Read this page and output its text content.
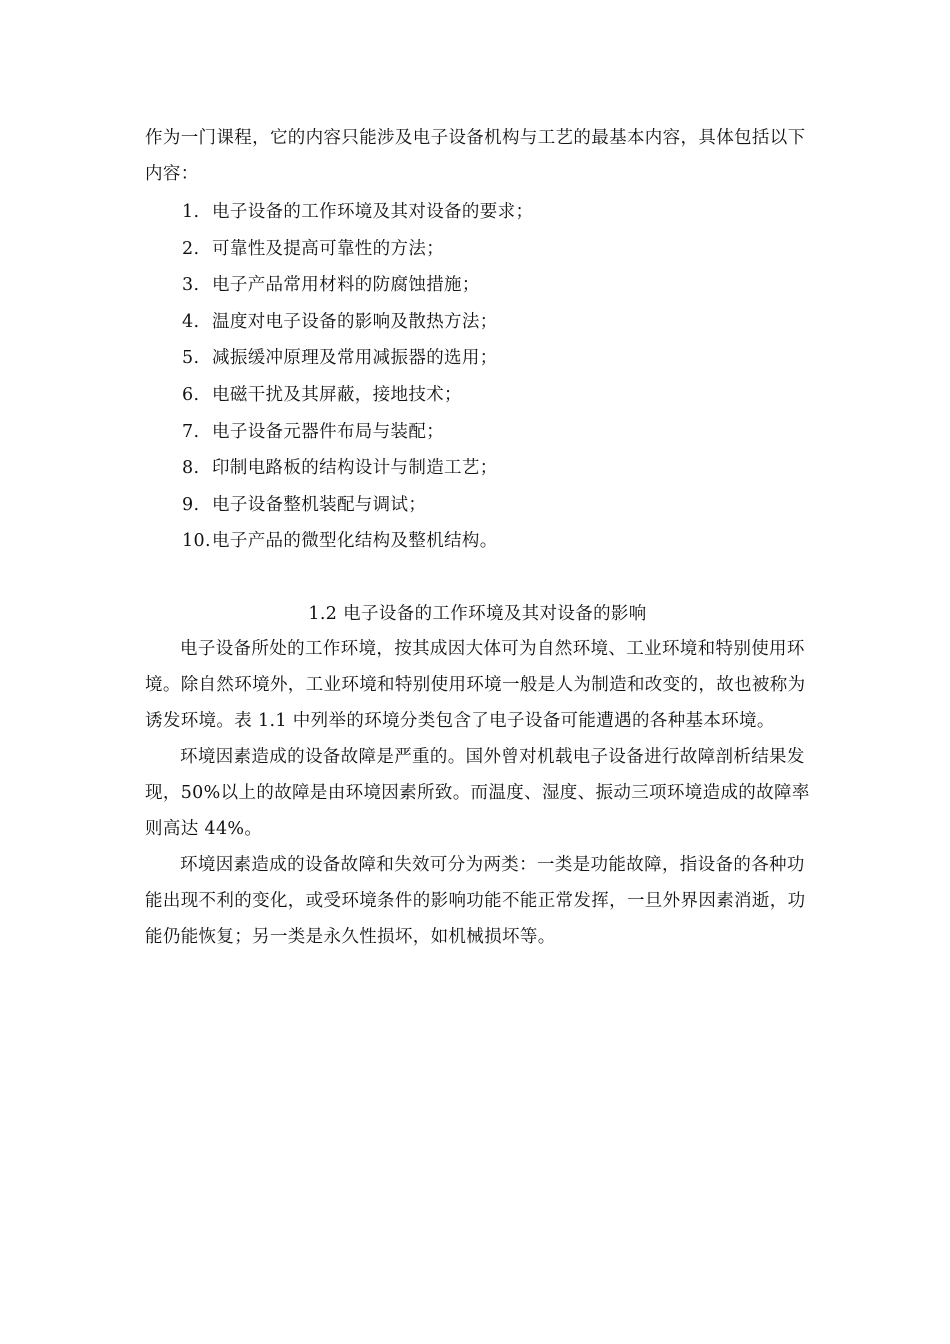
作为一门课程，它的内容只能涉及电子设备机构与工艺的最基本内容，具体包括以下内容：

1. 电子设备的工作环境及其对设备的要求；
2. 可靠性及提高可靠性的方法；
3. 电子产品常用材料的防腐蚀措施；
4. 温度对电子设备的影响及散热方法；
5. 减振缓冲原理及常用减振器的选用；
6. 电磁干扰及其屏蔽，接地技术；
7. 电子设备元器件布局与装配；
8. 印制电路板的结构设计与制造工艺；
9. 电子设备整机装配与调试；
10. 电子产品的微型化结构及整机结构。
1.2 电子设备的工作环境及其对设备的影响

电子设备所处的工作环境，按其成因大体可为自然环境、工业环境和特别使用环境。除自然环境外，工业环境和特别使用环境一般是人为制造和改变的，故也被称为诱发环境。表 1.1 中列举的环境分类包含了电子设备可能遭遇的各种基本环境。

环境因素造成的设备故障是严重的。国外曾对机载电子设备进行故障剖析结果发现，50%以上的故障是由环境因素所致。而温度、湿度、振动三项环境造成的故障率则高达 44%。

环境因素造成的设备故障和失效可分为两类：一类是功能故障，指设备的各种功能出现不利的变化，或受环境条件的影响功能不能正常发挥，一旦外界因素消逝，功能仍能恢复；另一类是永久性损坏，如机械损坏等。
